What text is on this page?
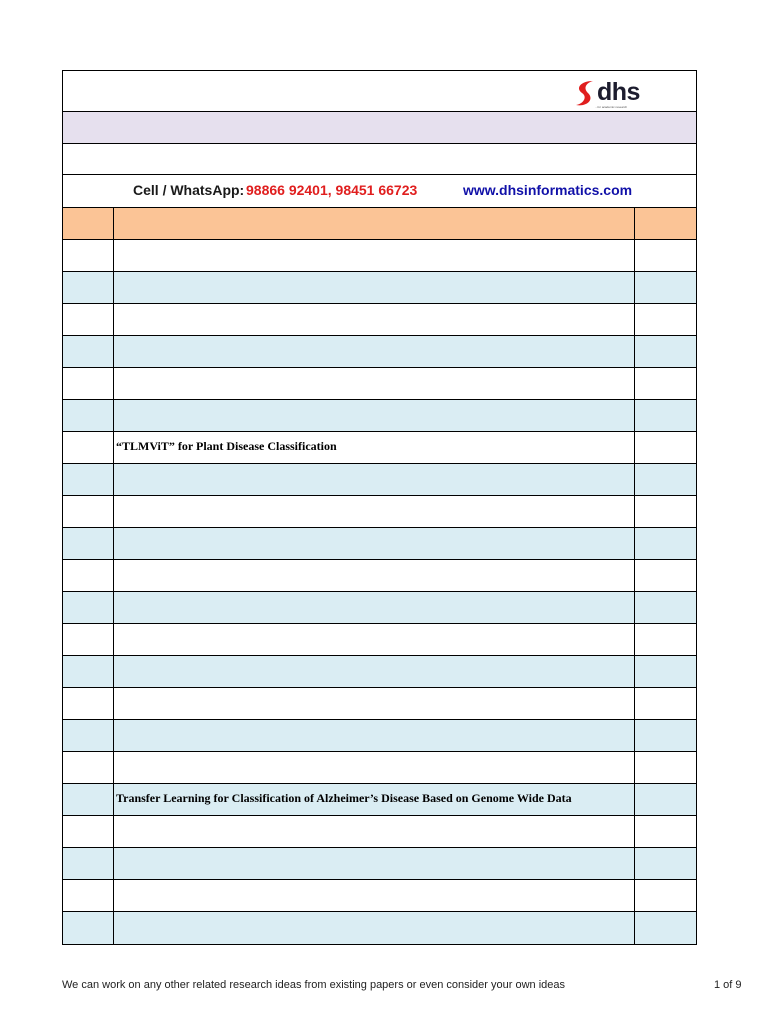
dhs
...for academic research
Cell / WhatsApp: 98866 92401, 98451 66723	www.dhsinformatics.com
“TLMViT” for Plant Disease Classification
Transfer Learning for Classification of Alzheimer’s Disease Based on Genome Wide Data
We can work on any other related research ideas from existing papers or even consider your own ideas	1 of 9
